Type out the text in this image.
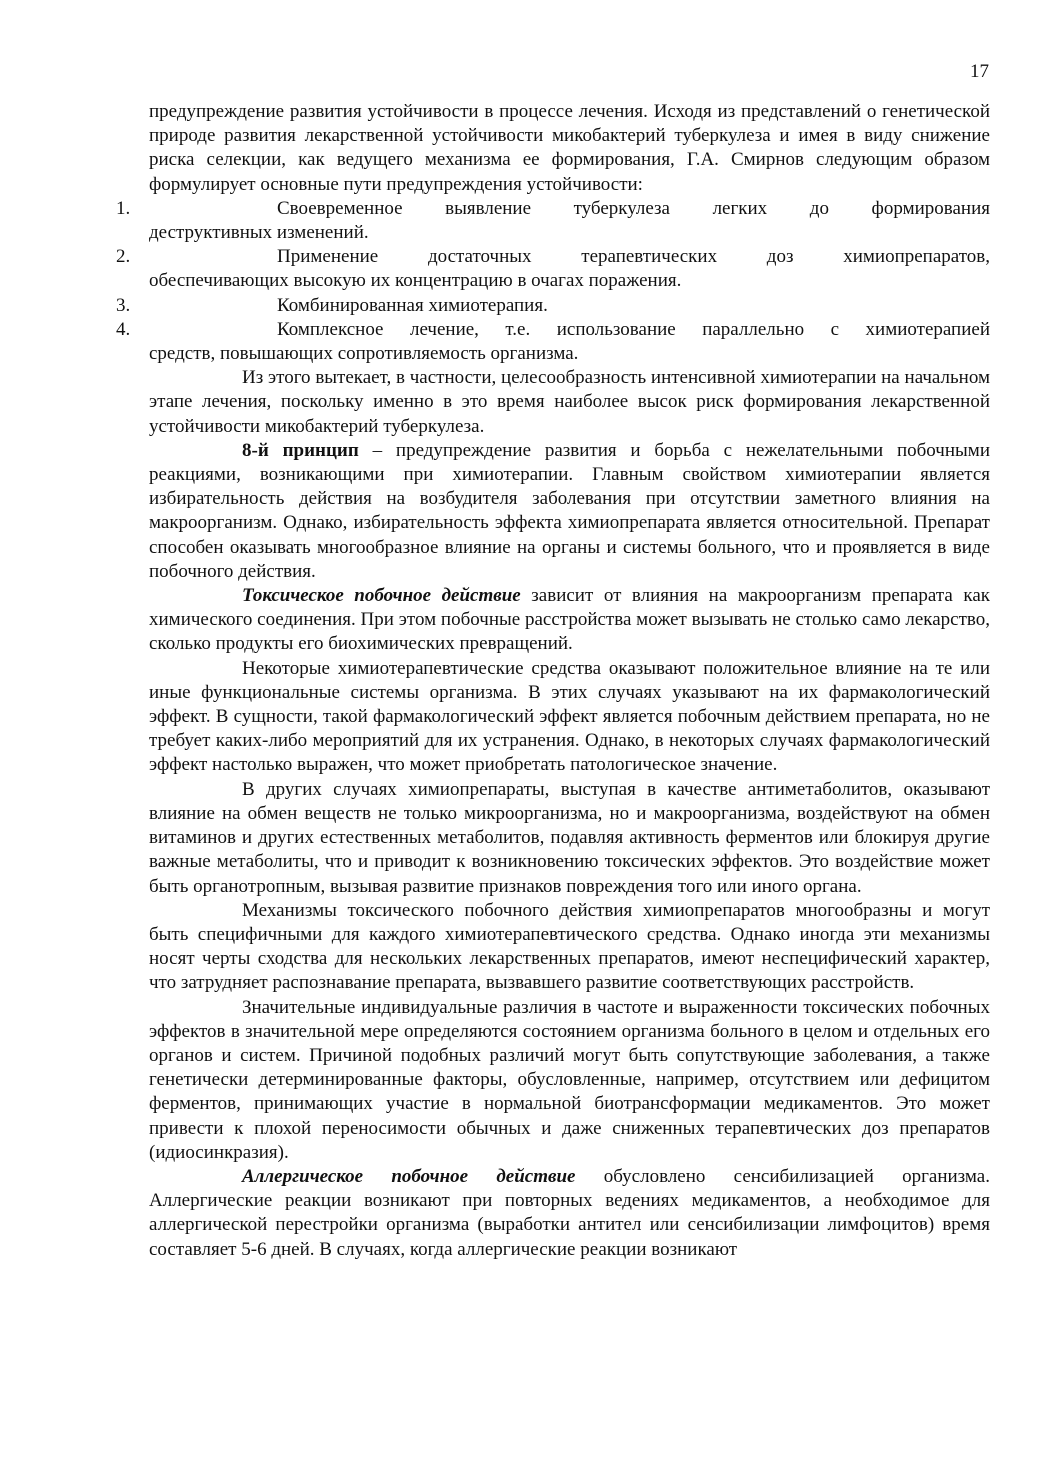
17

предупреждение развития устойчивости в процессе лечения. Исходя из представлений о генетической природе развития лекарственной устойчивости микобактерий туберкулеза и имея в виду снижение риска селекции, как ведущего механизма ее формирования, Г.А. Смирнов следующим образом формулирует основные пути предупреждения устойчивости:

1.	Своевременное выявление туберкулеза легких до формирования
деструктивных изменений.
2.	Применение достаточных терапевтических доз химиопрепаратов,
обеспечивающих высокую их концентрацию в очагах поражения.
3.	Комбинированная химиотерапия.
4.	Комплексное лечение, т.е. использование параллельно с химиотерапией
средств, повышающих сопротивляемость организма.

Из этого вытекает, в частности, целесообразность интенсивной химиотерапии на начальном этапе лечения, поскольку именно в это время наиболее высок риск формирования лекарственной устойчивости микобактерий туберкулеза.

8-й принцип – предупреждение развития и борьба с нежелательными побочными реакциями, возникающими при химиотерапии. Главным свойством химиотерапии является избирательность действия на возбудителя заболевания при отсутствии заметного влияния на макроорганизм. Однако, избирательность эффекта химиопрепарата является относительной. Препарат способен оказывать многообразное влияние на органы и системы больного, что и проявляется в виде побочного действия.

Токсическое побочное действие зависит от влияния на макроорганизм препарата как химического соединения. При этом побочные расстройства может вызывать не столько само лекарство, сколько продукты его биохимических превращений.

Некоторые химиотерапевтические средства оказывают положительное влияние на те или иные функциональные системы организма. В этих случаях указывают на их фармакологический эффект. В сущности, такой фармакологический эффект является побочным действием препарата, но не требует каких-либо мероприятий для их устранения. Однако, в некоторых случаях фармакологический эффект настолько выражен, что может приобретать патологическое значение.

В других случаях химиопрепараты, выступая в качестве антиметаболитов, оказывают влияние на обмен веществ не только микроорганизма, но и макроорганизма, воздействуют на обмен витаминов и других естественных метаболитов, подавляя активность ферментов или блокируя другие важные метаболиты, что и приводит к возникновению токсических эффектов. Это воздействие может быть органотропным, вызывая развитие признаков повреждения того или иного органа.

Механизмы токсического побочного действия химиопрепаратов многообразны и могут быть специфичными для каждого химиотерапевтического средства. Однако иногда эти механизмы носят черты сходства для нескольких лекарственных препаратов, имеют неспецифический характер, что затрудняет распознавание препарата, вызвавшего развитие соответствующих расстройств.

Значительные индивидуальные различия в частоте и выраженности токсических побочных эффектов в значительной мере определяются состоянием организма больного в целом и отдельных его органов и систем. Причиной подобных различий могут быть сопутствующие заболевания, а также генетически детерминированные факторы, обусловленные, например, отсутствием или дефицитом ферментов, принимающих участие в нормальной биотрансформации медикаментов. Это может привести к плохой переносимости обычных и даже сниженных терапевтических доз препаратов (идиосинкразия).

Аллергическое побочное действие обусловлено сенсибилизацией организма. Аллергические реакции возникают при повторных ведениях медикаментов, а необходимое для аллергической перестройки организма (выработки антител или сенсибилизации лимфоцитов) время составляет 5-6 дней. В случаях, когда аллергические реакции возникают
